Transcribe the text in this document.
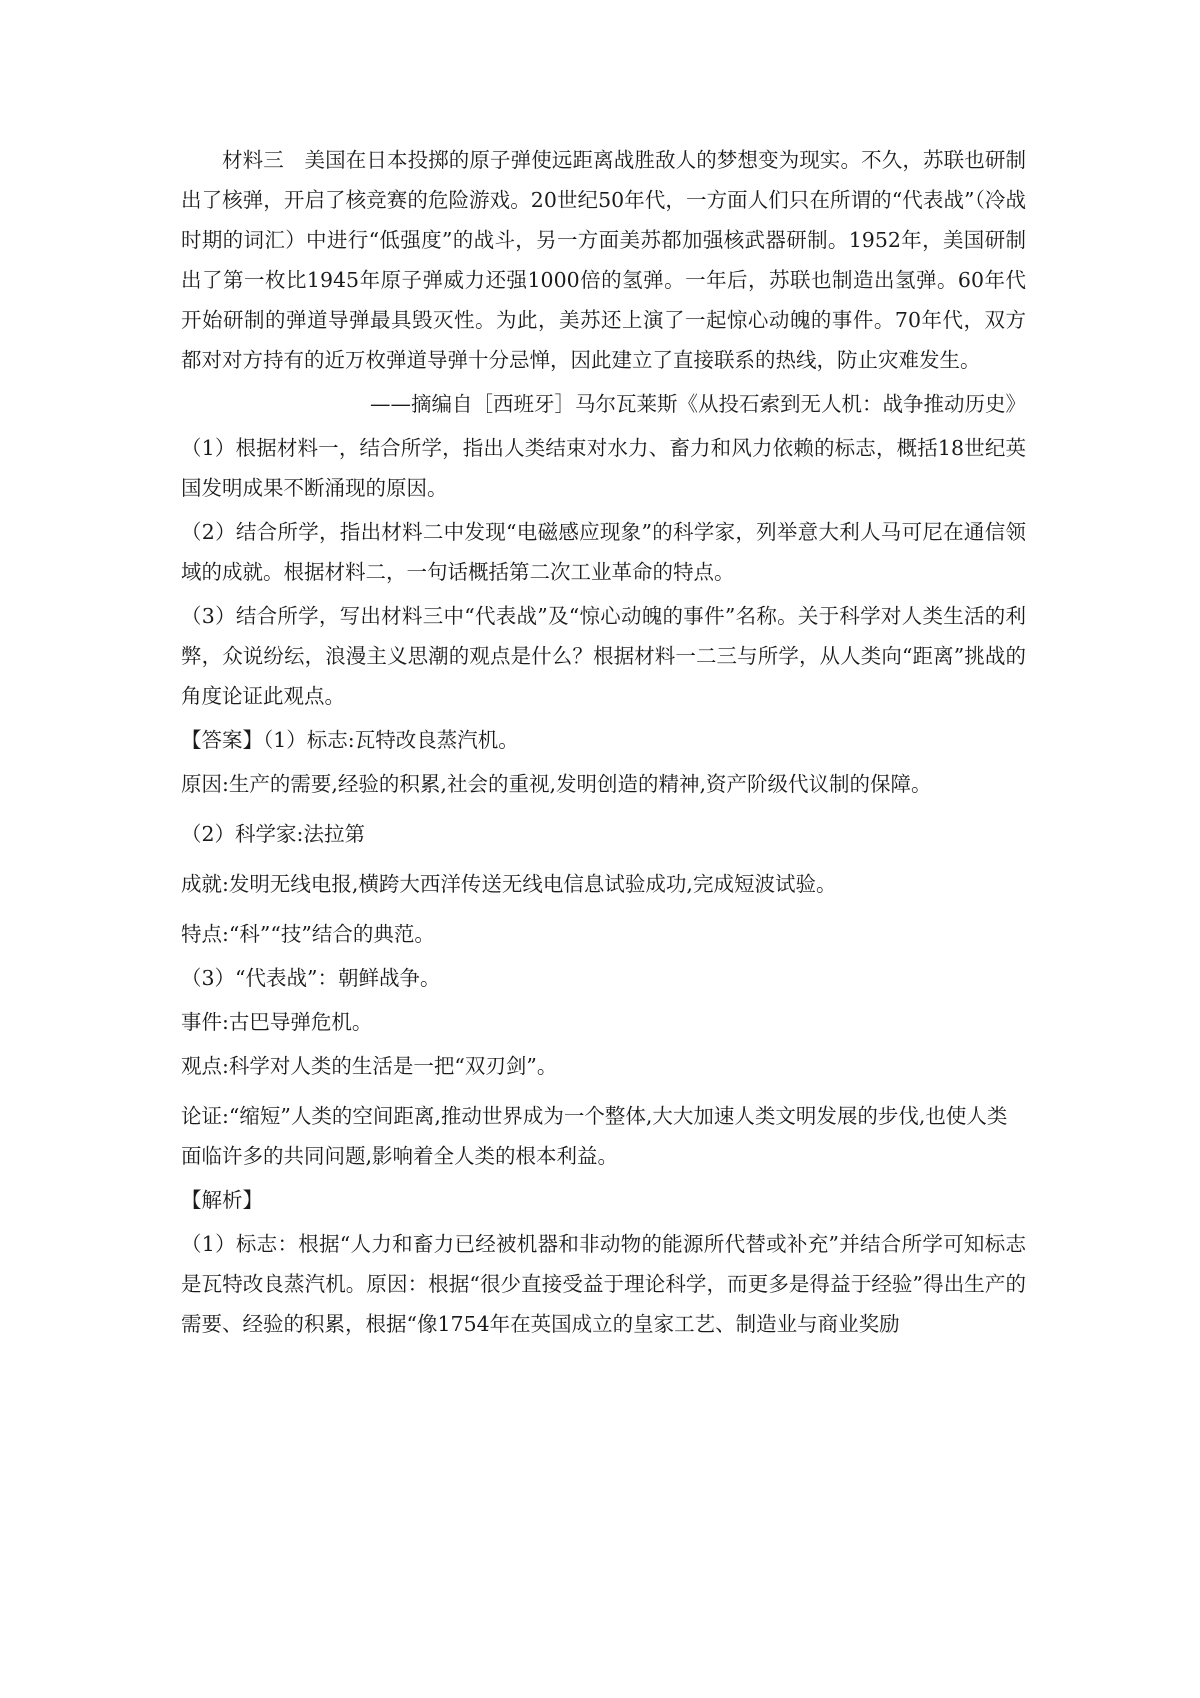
材料三　美国在日本投掷的原子弹使远距离战胜敌人的梦想变为现实。不久，苏联也研制出了核弹，开启了核竞赛的危险游戏。20世纪50年代，一方面人们只在所谓的“代表战”（冷战时期的词汇）中进行“低强度”的战斗，另一方面美苏都加强核武器研制。1952年，美国研制出了第一枚比1945年原子弹威力还强1000倍的氢弹。一年后，苏联也制造出氢弹。60年代开始研制的弹道导弹最具毁灭性。为此，美苏还上演了一起惊心动魄的事件。70年代，双方都对对方持有的近万枚弹道导弹十分忌惮，因此建立了直接联系的热线，防止灾难发生。

——摘编自［西班牙］马尔瓦莱斯《从投石索到无人机：战争推动历史》

（1）根据材料一，结合所学，指出人类结束对水力、畜力和风力依赖的标志，概括18世纪英国发明成果不断涌现的原因。

（2）结合所学，指出材料二中发现“电磁感应现象”的科学家，列举意大利人马可尼在通信领域的成就。根据材料二，一句话概括第二次工业革命的特点。

（3）结合所学，写出材料三中“代表战”及“惊心动魄的事件”名称。关于科学对人类生活的利弊，众说纷纭，浪漫主义思潮的观点是什么？根据材料一二三与所学，从人类向“距离”挑战的角度论证此观点。

【答案】（1）标志:瓦特改良蒸汽机。

原因:生产的需要,经验的积累,社会的重视,发明创造的精神,资产阶级代议制的保障。

（2）科学家:法拉第

成就:发明无线电报,横跨大西洋传送无线电信息试验成功,完成短波试验。

特点:“科”“技”结合的典范。

（3）“代表战”：朝鲜战争。

事件:古巴导弹危机。

观点:科学对人类的生活是一把“双刃剑”。

论证:“缩短”人类的空间距离,推动世界成为一个整体,大大加速人类文明发展的步伐,也使人类面临许多的共同问题,影响着全人类的根本利益。

【解析】

（1）标志：根据“人力和畜力已经被机器和非动物的能源所代替或补充”并结合所学可知标志是瓦特改良蒸汽机。原因：根据“很少直接受益于理论科学，而更多是得益于经验”得出生产的需要、经验的积累，根据“像1754年在英国成立的皇家工艺、制造业与商业奖励
